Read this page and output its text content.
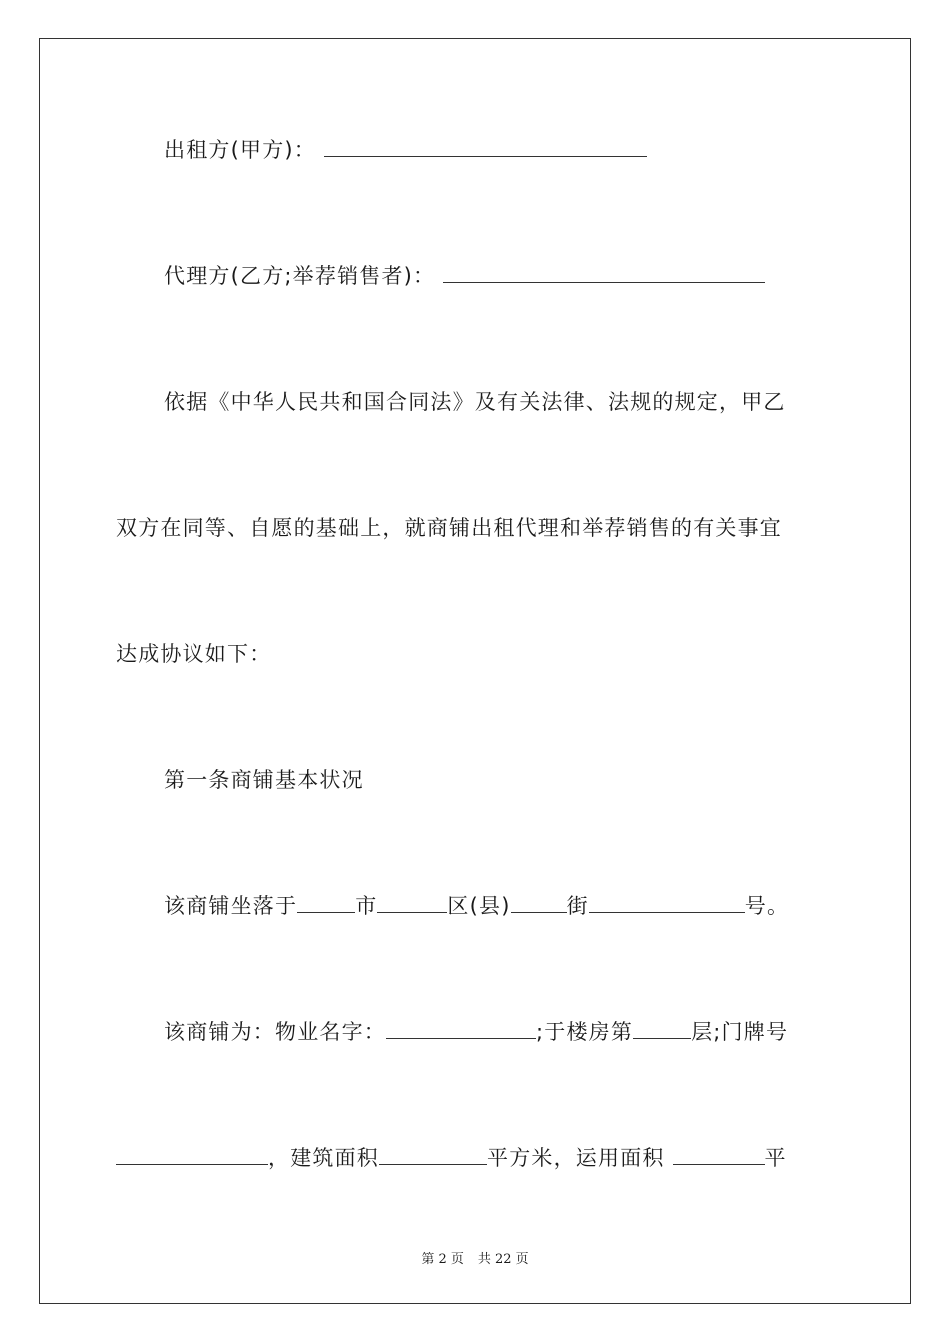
出租方(甲方)：
代理方(乙方;举荐销售者)：
依据《中华人民共和国合同法》及有关法律、法规的规定，甲乙
双方在同等、自愿的基础上，就商铺出租代理和举荐销售的有关事宜
达成协议如下：
第一条商铺基本状况
该商铺坐落于	市	区(县)	街	号。
该商铺为：物业名字：	;于楼房第	层;门牌号
，建筑面积	平方米，运用面积	平
第 2 页 共 22 页
